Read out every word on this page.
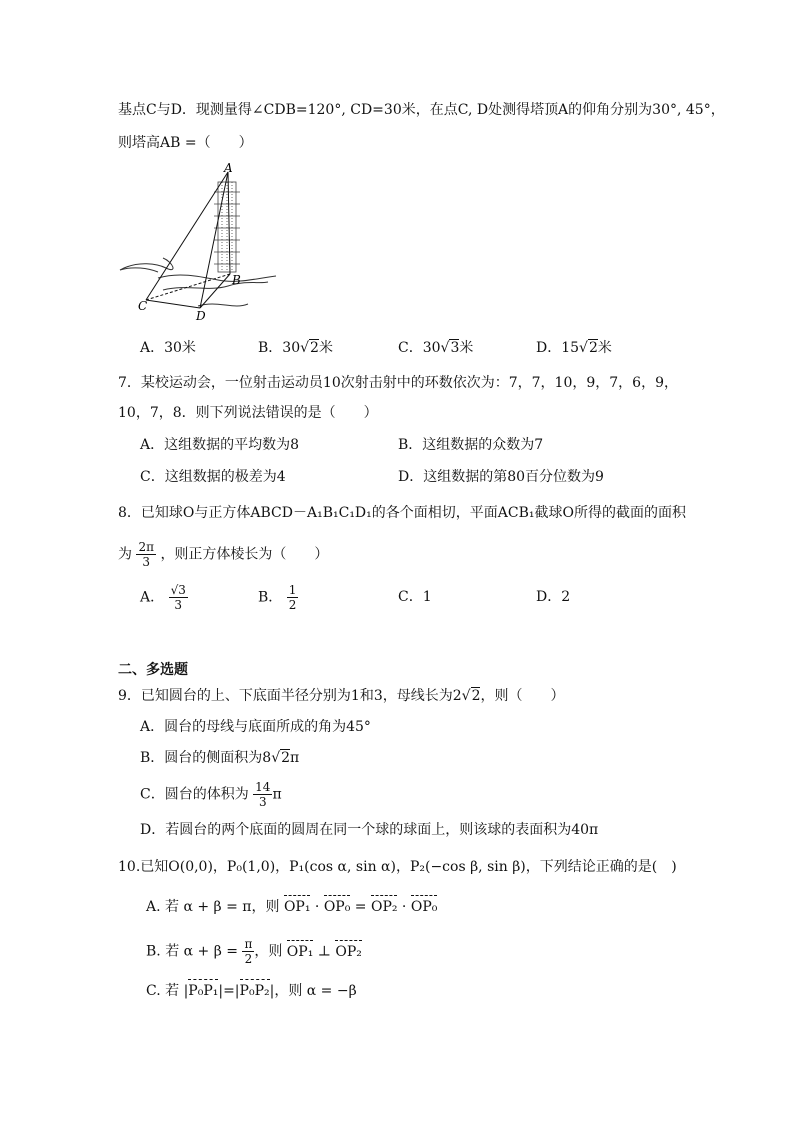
基点C与D．现测量得∠CDB=120°, CD=30米，在点C, D处测得塔顶A的仰角分别为30°, 45°，
则塔高AB =（　　）
A
B
C
D
A．30米	B．30√2米	C．30√3米	D．15√2米
7．某校运动会，一位射击运动员10次射击射中的环数依次为：7，7，10，9，7，6，9，
10，7，8．则下列说法错误的是（　　）
A．这组数据的平均数为8	B．这组数据的众数为7
C．这组数据的极差为4	D．这组数据的第80百分位数为9
8．已知球O与正方体ABCD－A₁B₁C₁D₁的各个面相切，平面ACB₁截球O所得的截面的面积
为 $\frac{2\pi}{3}$ ，则正方体棱长为（　　）
A． $\frac{√3}{3}$	B． $\frac{1}{2}$	C．1	D．2
二、多选题
9．已知圆台的上、下底面半径分别为1和3，母线长为2√2，则（　　）
A．圆台的母线与底面所成的角为45°
B．圆台的侧面积为8√2π
C．圆台的体积为 $\frac{14}{3}$ π
D．若圆台的两个底面的圆周在同一个球的球面上，则该球的表面积为40π
10.已知O(0,0)，P₀(1,0)，P₁(cos α, sin α)，P₂(−cos β, sin β)，下列结论正确的是(　)
A. 若 α + β = π，则 OP₁ · OP₀ = OP₂ · OP₀
B. 若 $\alpha + \beta = \frac{\pi}{2}$ ，则 OP₁ ⊥ OP₂
C. 若 |P₀P₁|=|P₀P₂|，则 α = −β
